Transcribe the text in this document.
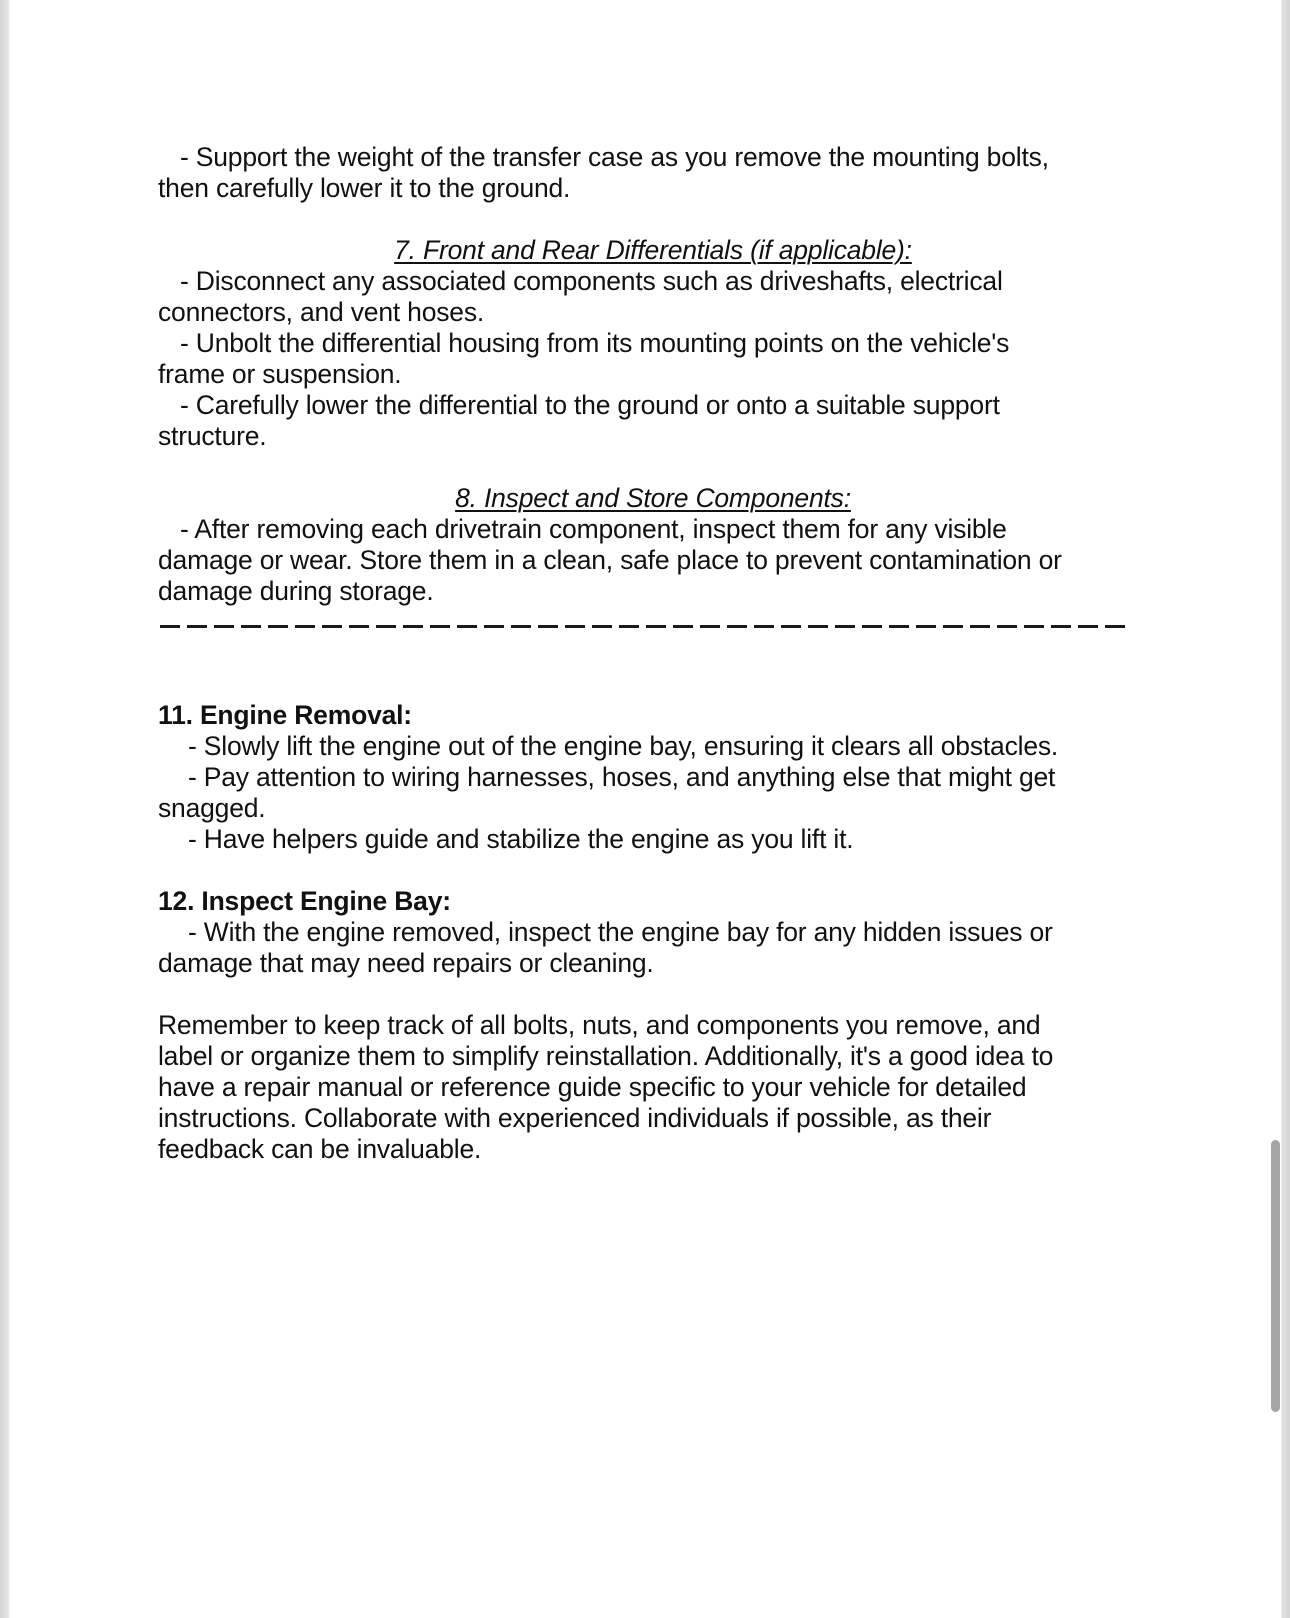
- Support the weight of the transfer case as you remove the mounting bolts,
then carefully lower it to the ground.

7. Front and Rear Differentials (if applicable):

- Disconnect any associated components such as driveshafts, electrical
connectors, and vent hoses.
- Unbolt the differential housing from its mounting points on the vehicle's
frame or suspension.
- Carefully lower the differential to the ground or onto a suitable support
structure.

8. Inspect and Store Components:

- After removing each drivetrain component, inspect them for any visible
damage or wear. Store them in a clean, safe place to prevent contamination or
damage during storage.

11. Engine Removal:

- Slowly lift the engine out of the engine bay, ensuring it clears all obstacles.
- Pay attention to wiring harnesses, hoses, and anything else that might get
snagged.
- Have helpers guide and stabilize the engine as you lift it.

12. Inspect Engine Bay:

- With the engine removed, inspect the engine bay for any hidden issues or
damage that may need repairs or cleaning.
Remember to keep track of all bolts, nuts, and components you remove, and
label or organize them to simplify reinstallation. Additionally, it's a good idea to
have a repair manual or reference guide specific to your vehicle for detailed
instructions. Collaborate with experienced individuals if possible, as their
feedback can be invaluable.
